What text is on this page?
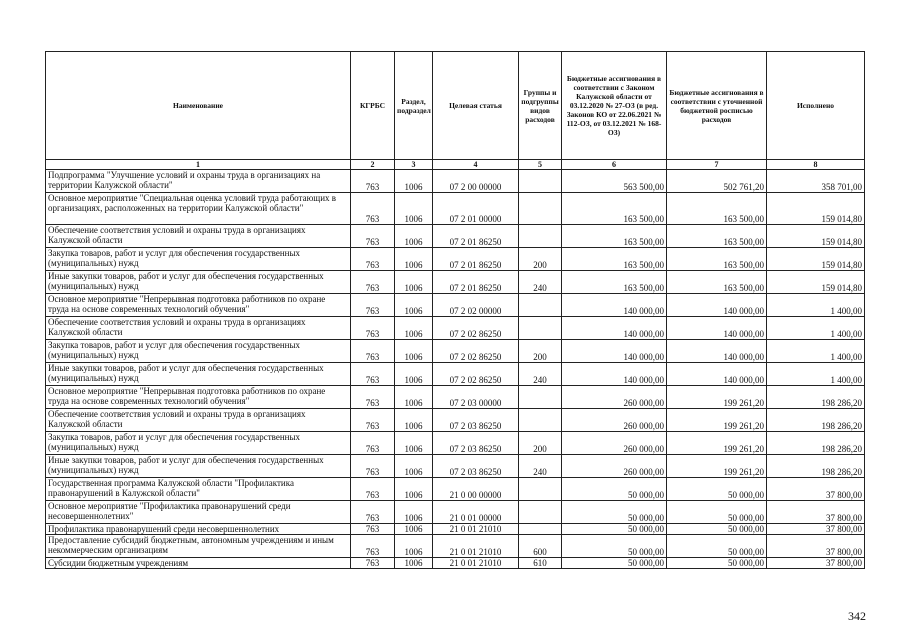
Наименование	КГРБС	Раздел, подраздел	Целевая статья	Группы и подгруппы видов расходов	Бюджетные ассигнования в соответствии с Законом Калужской области от 03.12.2020 № 27-ОЗ (в ред. Законов КО от 22.06.2021 № 112-ОЗ, от 03.12.2021 № 168-ОЗ)	Бюджетные ассигнования в соответствии с уточненной бюджетной росписью расходов	Исполнено
1	2	3	4	5	6	7	8
Подпрограмма "Улучшение условий и охраны труда в организациях на территории Калужской области"	763	1006	07 2 00 00000		563 500,00	502 761,20	358 701,00
Основное мероприятие "Специальная оценка условий труда работающих в организациях, расположенных на территории Калужской области"	763	1006	07 2 01 00000		163 500,00	163 500,00	159 014,80
Обеспечение соответствия условий и охраны труда в организациях Калужской области	763	1006	07 2 01 86250		163 500,00	163 500,00	159 014,80
Закупка товаров, работ и услуг для обеспечения государственных (муниципальных) нужд	763	1006	07 2 01 86250	200	163 500,00	163 500,00	159 014,80
Иные закупки товаров, работ и услуг для обеспечения государственных (муниципальных) нужд	763	1006	07 2 01 86250	240	163 500,00	163 500,00	159 014,80
Основное мероприятие "Непрерывная подготовка работников по охране труда на основе современных технологий обучения"	763	1006	07 2 02 00000		140 000,00	140 000,00	1 400,00
Обеспечение соответствия условий и охраны труда в организациях Калужской области	763	1006	07 2 02 86250		140 000,00	140 000,00	1 400,00
Закупка товаров, работ и услуг для обеспечения государственных (муниципальных) нужд	763	1006	07 2 02 86250	200	140 000,00	140 000,00	1 400,00
Иные закупки товаров, работ и услуг для обеспечения государственных (муниципальных) нужд	763	1006	07 2 02 86250	240	140 000,00	140 000,00	1 400,00
Основное мероприятие "Непрерывная подготовка работников по охране труда на основе современных технологий обучения"	763	1006	07 2 03 00000		260 000,00	199 261,20	198 286,20
Обеспечение соответствия условий и охраны труда в организациях Калужской области	763	1006	07 2 03 86250		260 000,00	199 261,20	198 286,20
Закупка товаров, работ и услуг для обеспечения государственных (муниципальных) нужд	763	1006	07 2 03 86250	200	260 000,00	199 261,20	198 286,20
Иные закупки товаров, работ и услуг для обеспечения государственных (муниципальных) нужд	763	1006	07 2 03 86250	240	260 000,00	199 261,20	198 286,20
Государственная программа Калужской области "Профилактика правонарушений в Калужской области"	763	1006	21 0 00 00000		50 000,00	50 000,00	37 800,00
Основное мероприятие "Профилактика правонарушений среди несовершеннолетних"	763	1006	21 0 01 00000		50 000,00	50 000,00	37 800,00
Профилактика правонарушений среди несовершеннолетних	763	1006	21 0 01 21010		50 000,00	50 000,00	37 800,00
Предоставление субсидий бюджетным, автономным учреждениям и иным некоммерческим организациям	763	1006	21 0 01 21010	600	50 000,00	50 000,00	37 800,00
Субсидии бюджетным учреждениям	763	1006	21 0 01 21010	610	50 000,00	50 000,00	37 800,00
342
